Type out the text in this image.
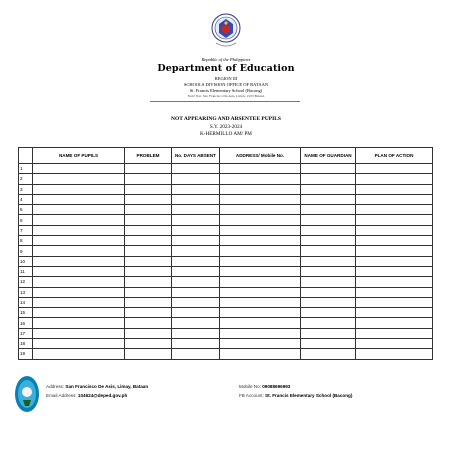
Republic of the Philippines
Department of Education
REGION III
SCHOOLS DIVISION OFFICE OF BATAAN
St. Francis Elementary School (Bacong)
Nan? Nat, San Francisco De Asis, Limay, 2103 Bataan
NOT APPEARING AND ABSENTEE PUPILS
S.Y. 2023-2024
K-HERMILLO AM/ PM
	NAME OF PUPILS	PROBLEM	No. DAYS ABSENT	ADDRESS/ Mobile No.	NAME OF GUARDIAN	PLAN OF ACTION
1						
2						
3						
4						
5						
6						
7						
8						
9						
10						
11						
12						
13						
14						
15						
16						
17						
18						
19						
Address: San Francisco De Asis, Limay, Bataan
Email Address: 104624@deped.gov.ph
Mobile No: 09088696993
FB Account: St. Francis Elementary School (Bacong)
